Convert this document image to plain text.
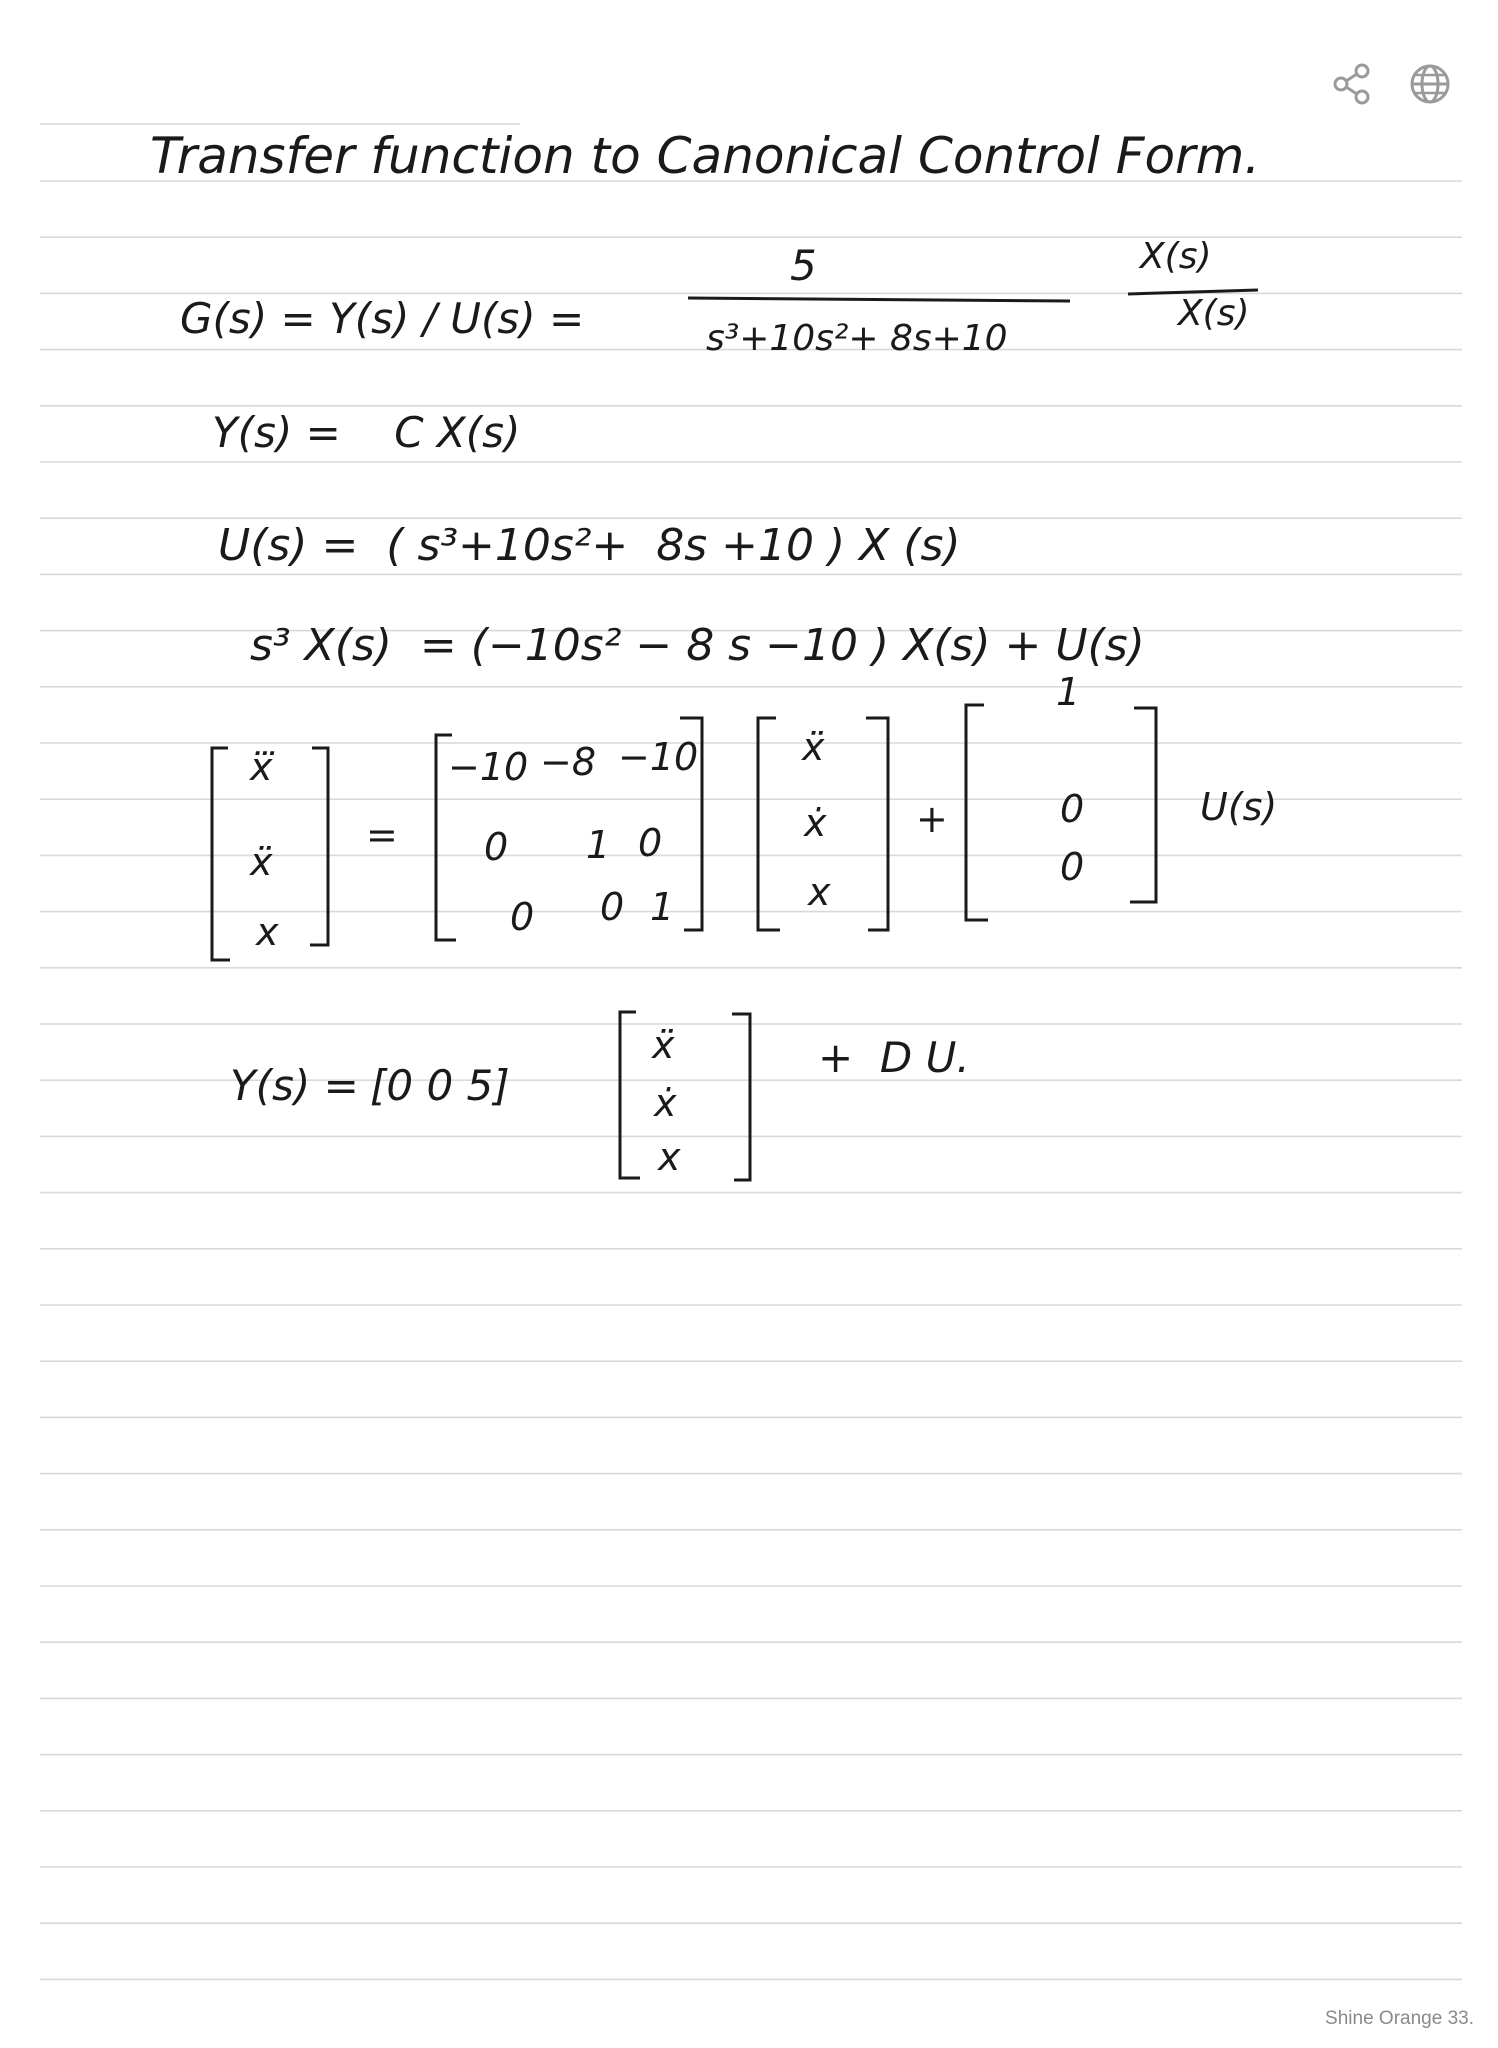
Transfer function to Canonical Control Form.
G(s) = Y(s) / U(s) =
5
s³+10s²+ 8s+10
X(s)
X(s)
Y(s) =    C X(s)
U(s) =  ( s³+10s²+  8s +10 ) X (s)
s³ X(s)  = (−10s² − 8 s −10 ) X(s) + U(s)
x⃛
ẍ
x
=
−10 −8 −10
0 1 0
0 0 1
ẍ
ẋ
x
+
1
0
0
U(s)
Y(s) = [0 0 5]
ẍ
ẋ
x
+  D U.
Shine Orange 33.
